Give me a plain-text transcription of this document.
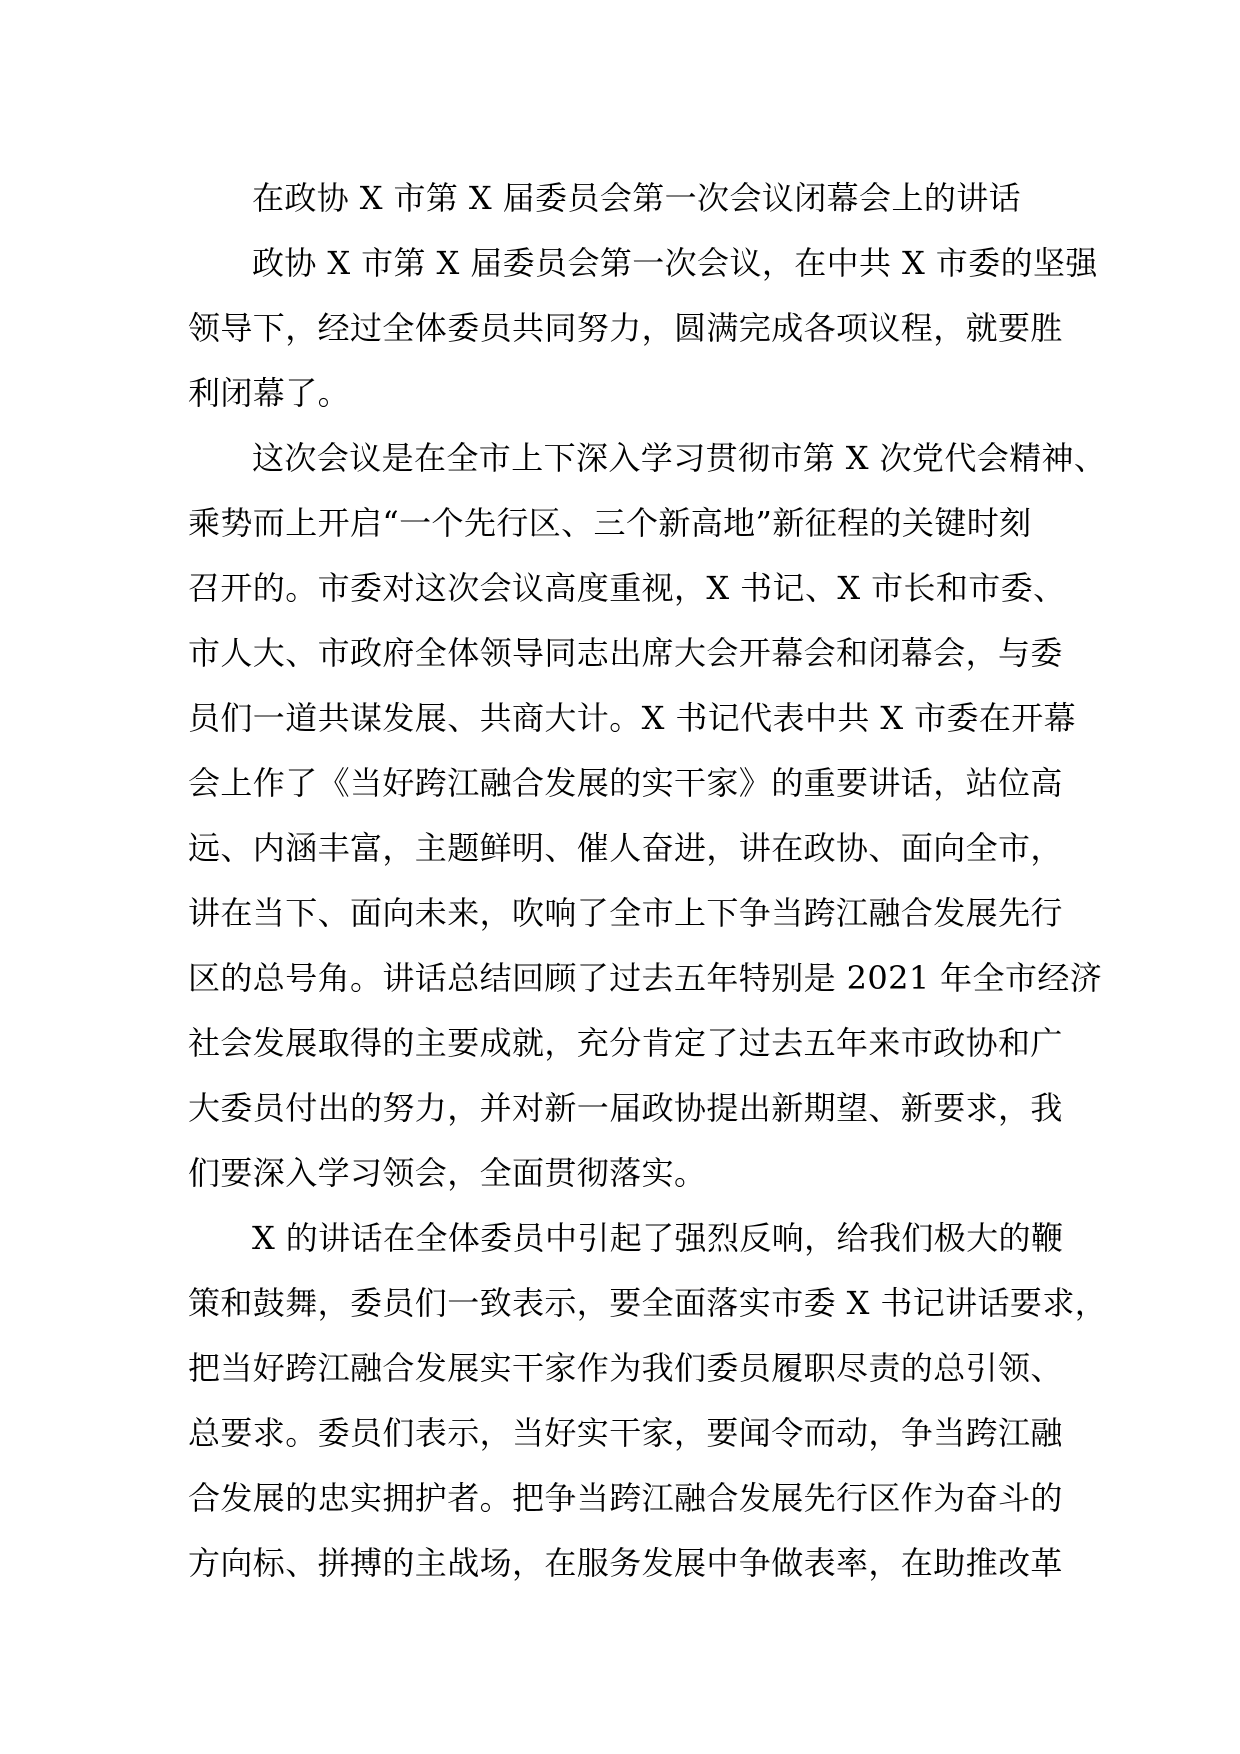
在政协 X 市第 X 届委员会第一次会议闭幕会上的讲话
政协 X 市第 X 届委员会第一次会议，在中共 X 市委的坚强
领导下，经过全体委员共同努力，圆满完成各项议程，就要胜
利闭幕了。
这次会议是在全市上下深入学习贯彻市第 X 次党代会精神、
乘势而上开启“一个先行区、三个新高地”新征程的关键时刻
召开的。市委对这次会议高度重视，X 书记、X 市长和市委、
市人大、市政府全体领导同志出席大会开幕会和闭幕会，与委
员们一道共谋发展、共商大计。X 书记代表中共 X 市委在开幕
会上作了《当好跨江融合发展的实干家》的重要讲话，站位高
远、内涵丰富，主题鲜明、催人奋进，讲在政协、面向全市，
讲在当下、面向未来，吹响了全市上下争当跨江融合发展先行
区的总号角。讲话总结回顾了过去五年特别是 2021 年全市经济
社会发展取得的主要成就，充分肯定了过去五年来市政协和广
大委员付出的努力，并对新一届政协提出新期望、新要求，我
们要深入学习领会，全面贯彻落实。
X 的讲话在全体委员中引起了强烈反响，给我们极大的鞭
策和鼓舞，委员们一致表示，要全面落实市委 X 书记讲话要求，
把当好跨江融合发展实干家作为我们委员履职尽责的总引领、
总要求。委员们表示，当好实干家，要闻令而动，争当跨江融
合发展的忠实拥护者。把争当跨江融合发展先行区作为奋斗的
方向标、拼搏的主战场，在服务发展中争做表率，在助推改革
